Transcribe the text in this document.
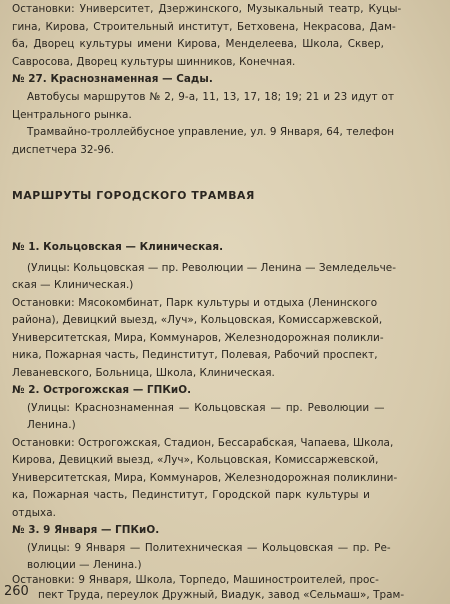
Остановки: Университет, Дзержинского, Музыкальный театр, Куцы-
гина, Кирова, Строительный институт, Бетховена, Некрасова, Дам-
ба, Дворец культуры имени Кирова, Менделеева, Школа, Сквер,
Савросова, Дворец культуры шинников, Конечная.
№ 27. Краснознаменная — Сады.
Автобусы маршрутов № 2, 9-а, 11, 13, 17, 18; 19; 21 и 23 идут от
Центрального рынка.
Трамвайно-троллейбусное управление, ул. 9 Января, 64, телефон
диспетчера 32-96.
МАРШРУТЫ ГОРОДСКОГО ТРАМВАЯ
№ 1. Кольцовская — Клиническая.
(Улицы: Кольцовская — пр. Революции — Ленина — Земледельче-
ская — Клиническая.)
Остановки: Мясокомбинат, Парк культуры и отдыха (Ленинского
района), Девицкий выезд, «Луч», Кольцовская, Комиссаржевской,
Университетская, Мира, Коммунаров, Железнодорожная поликли-
ника, Пожарная часть, Пединститут, Полевая, Рабочий проспект,
Леваневского, Больница, Школа, Клиническая.
№ 2. Острогожская — ГПКиО.
(Улицы: Краснознаменная — Кольцовская — пр. Революции —
Ленина.)
Остановки: Острогожская, Стадион, Бессарабская, Чапаева, Школа,
Кирова, Девицкий выезд, «Луч», Кольцовская, Комиссаржевской,
Университетская, Мира, Коммунаров, Железнодорожная поликлини-
ка, Пожарная часть, Пединститут, Городской парк культуры и
отдыха.
№ 3. 9 Января — ГПКиО.
(Улицы: 9 Января — Политехническая — Кольцовская — пр. Ре-
волюции — Ленина.)
Остановки: 9 Января, Школа, Торпедо, Машиностроителей, прос-
пект Труда, переулок Дружный, Виадук, завод «Сельмаш», Трам-
260
